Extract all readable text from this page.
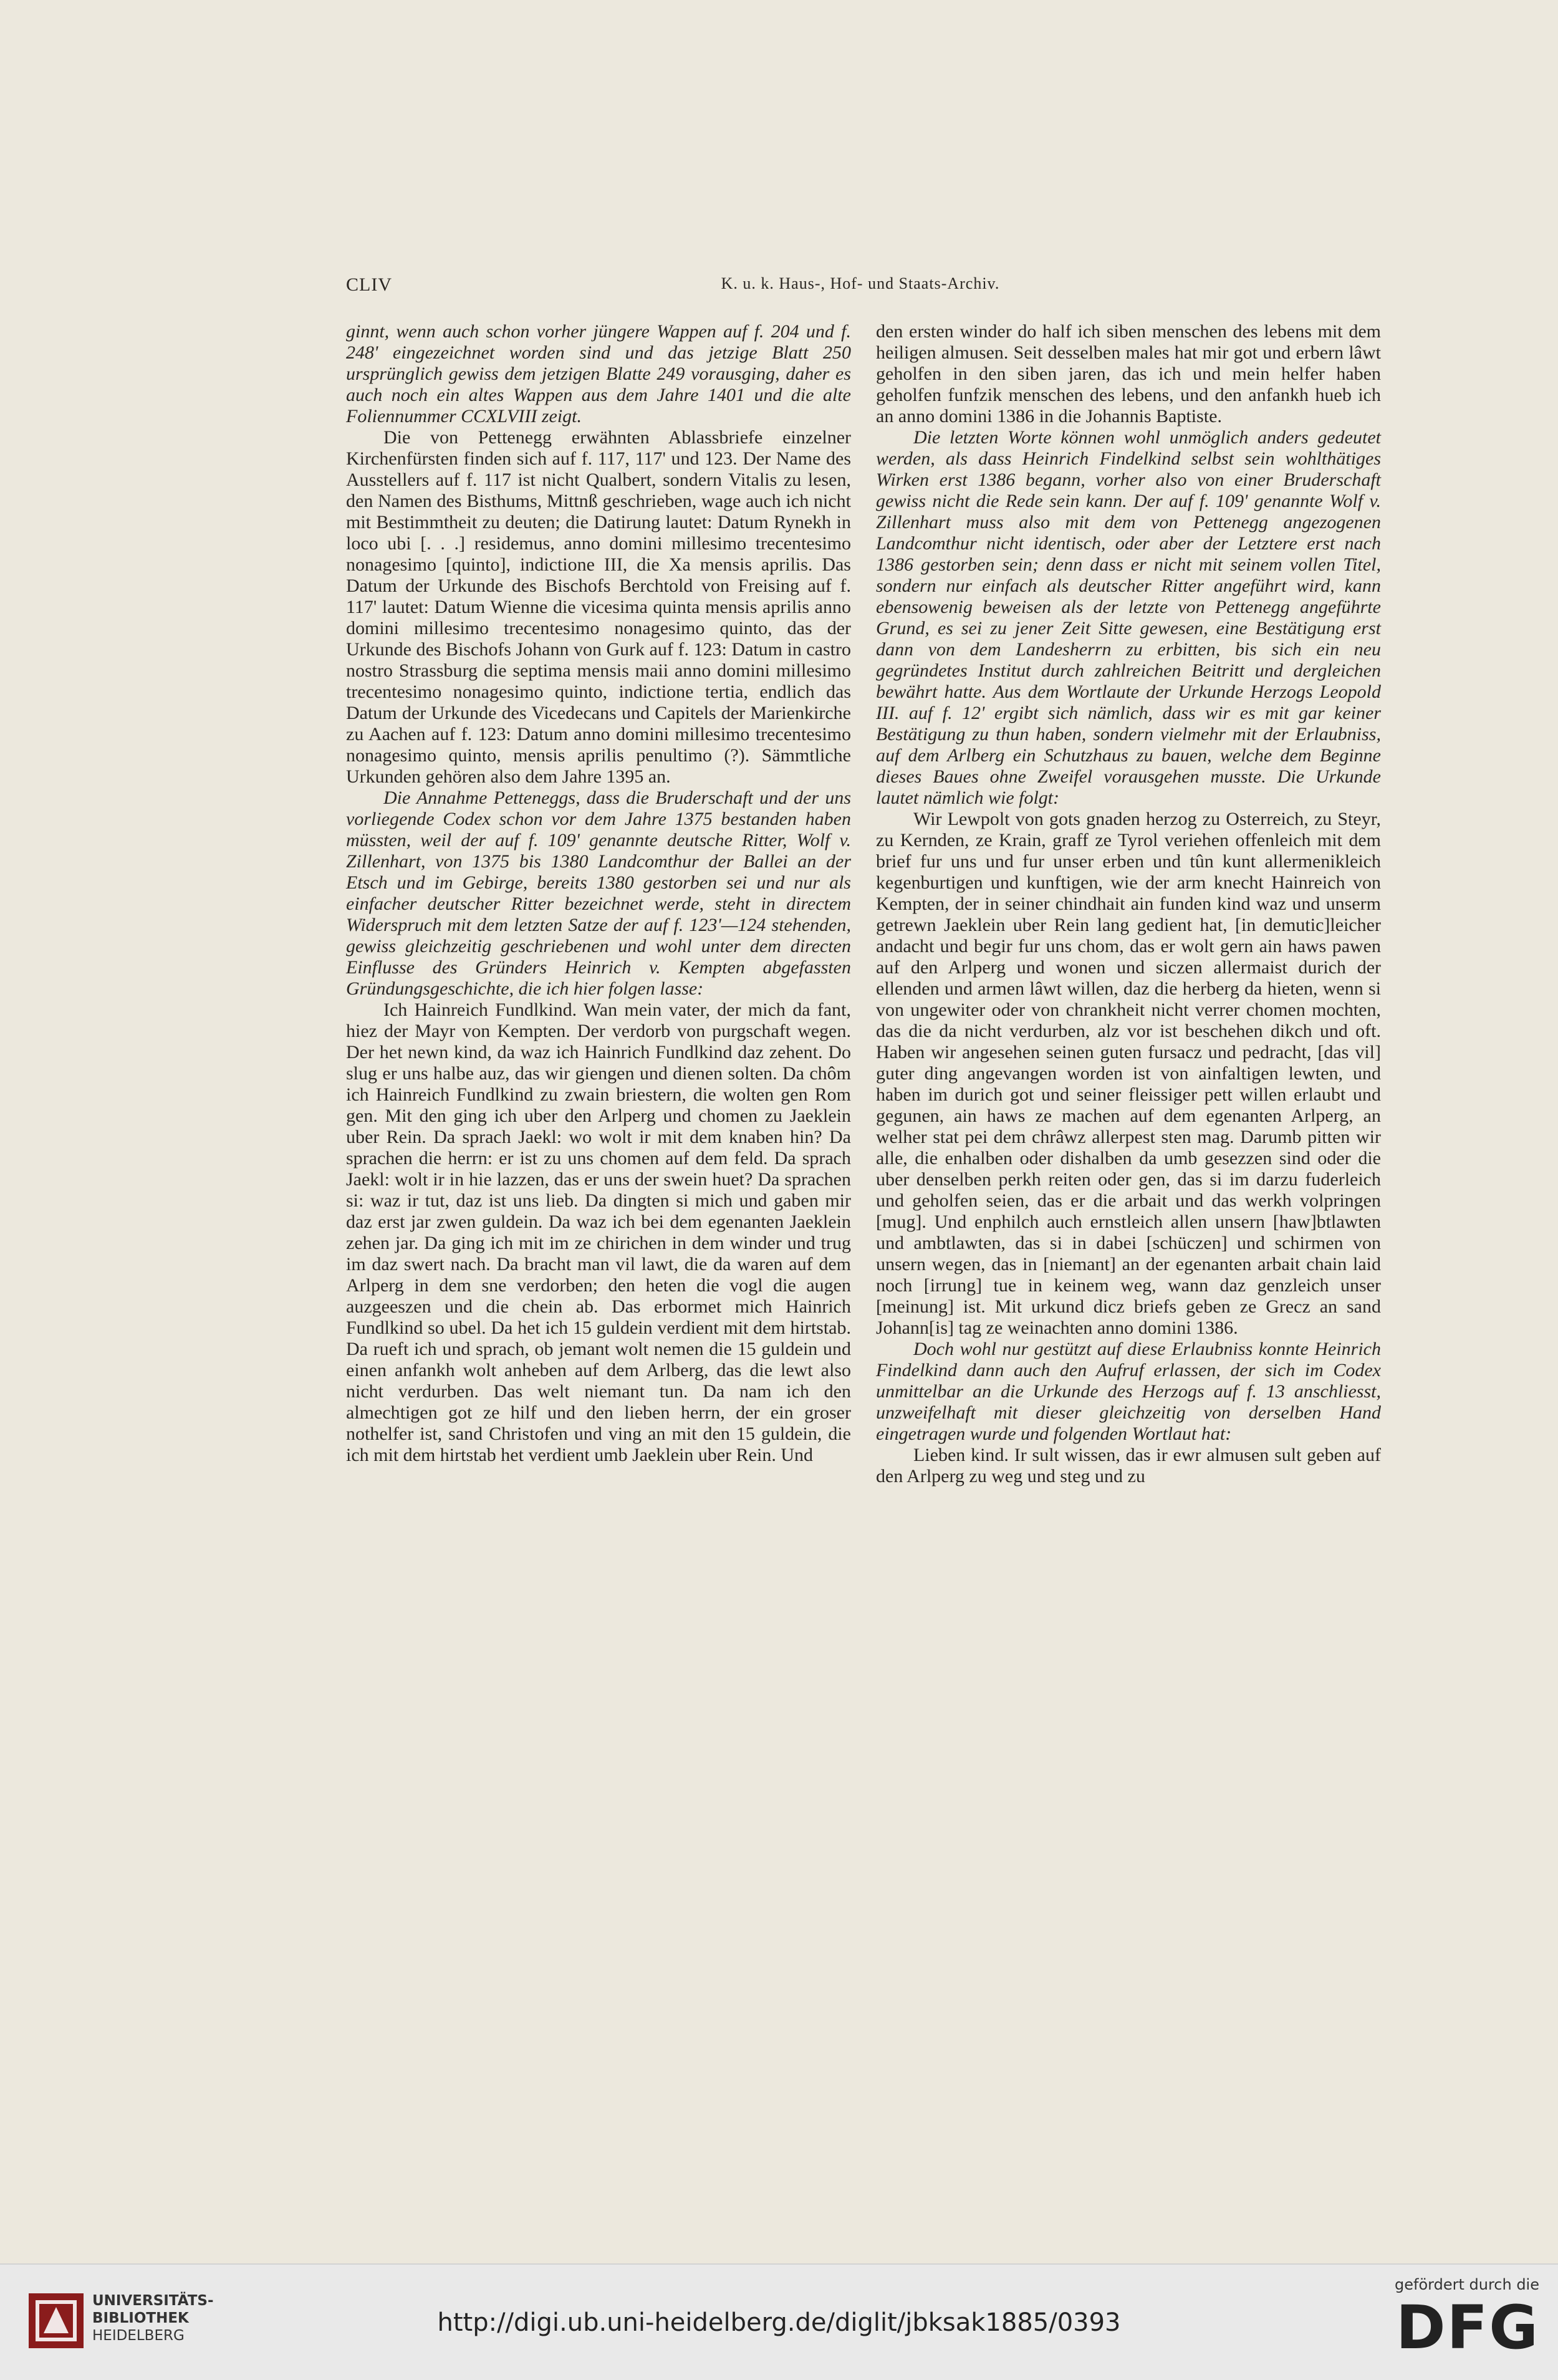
CLIV	K. u. k. Haus-, Hof- und Staats-Archiv.

ginnt, wenn auch schon vorher jüngere Wappen auf f. 204 und f. 248' eingezeichnet worden sind und das jetzige Blatt 250 ursprünglich gewiss dem jetzigen Blatte 249 vorausging, daher es auch noch ein altes Wappen aus dem Jahre 1401 und die alte Foliennummer CCXLVIII zeigt.

Die von Pettenegg erwähnten Ablassbriefe einzelner Kirchenfürsten finden sich auf f. 117, 117' und 123. Der Name des Ausstellers auf f. 117 ist nicht Qualbert, sondern Vitalis zu lesen, den Namen des Bisthums, Mittnß geschrieben, wage auch ich nicht mit Bestimmtheit zu deuten; die Datirung lautet: Datum Rynekh in loco ubi [. . .] residemus, anno domini millesimo trecentesimo nonagesimo [quinto], indictione III, die Xa mensis aprilis. Das Datum der Urkunde des Bischofs Berchtold von Freising auf f. 117' lautet: Datum Wienne die vicesima quinta mensis aprilis anno domini millesimo trecentesimo nonagesimo quinto, das der Urkunde des Bischofs Johann von Gurk auf f. 123: Datum in castro nostro Strassburg die septima mensis maii anno domini millesimo trecentesimo nonagesimo quinto, indictione tertia, endlich das Datum der Urkunde des Vicedecans und Capitels der Marienkirche zu Aachen auf f. 123: Datum anno domini millesimo trecentesimo nonagesimo quinto, mensis aprilis penultimo (?). Sämmtliche Urkunden gehören also dem Jahre 1395 an.

Die Annahme Petteneggs, dass die Bruderschaft und der uns vorliegende Codex schon vor dem Jahre 1375 bestanden haben müssten, weil der auf f. 109' genannte deutsche Ritter, Wolf v. Zillenhart, von 1375 bis 1380 Landcomthur der Ballei an der Etsch und im Gebirge, bereits 1380 gestorben sei und nur als einfacher deutscher Ritter bezeichnet werde, steht in directem Widerspruch mit dem letzten Satze der auf f. 123'—124 stehenden, gewiss gleichzeitig geschriebenen und wohl unter dem directen Einflusse des Gründers Heinrich v. Kempten abgefassten Gründungsgeschichte, die ich hier folgen lasse:

Ich Hainreich Fundlkind. Wan mein vater, der mich da fant, hiez der Mayr von Kempten. Der verdorb von purgschaft wegen. Der het newn kind, da waz ich Hainrich Fundlkind daz zehent. Do slug er uns halbe auz, das wir giengen und dienen solten. Da chôm ich Hainreich Fundlkind zu zwain briestern, die wolten gen Rom gen. Mit den ging ich uber den Arlperg und chomen zu Jaeklein uber Rein. Da sprach Jaekl: wo wolt ir mit dem knaben hin? Da sprachen die herrn: er ist zu uns chomen auf dem feld. Da sprach Jaekl: wolt ir in hie lazzen, das er uns der swein huet? Da sprachen si: waz ir tut, daz ist uns lieb. Da dingten si mich und gaben mir daz erst jar zwen guldein. Da waz ich bei dem egenanten Jaeklein zehen jar. Da ging ich mit im ze chirichen in dem winder und trug im daz swert nach. Da bracht man vil lawt, die da waren auf dem Arlperg in dem sne verdorben; den heten die vogl die augen auzgeeszen und die chein ab. Das erbormet mich Hainrich Fundlkind so ubel. Da het ich 15 guldein verdient mit dem hirtstab. Da rueft ich und sprach, ob jemant wolt nemen die 15 guldein und einen anfankh wolt anheben auf dem Arlberg, das die lewt also nicht verdurben. Das welt niemant tun. Da nam ich den almechtigen got ze hilf und den lieben herrn, der ein groser nothelfer ist, sand Christofen und ving an mit den 15 guldein, die ich mit dem hirtstab het verdient umb Jaeklein uber Rein. Und

den ersten winder do half ich siben menschen des lebens mit dem heiligen almusen. Seit desselben males hat mir got und erbern lâwt geholfen in den siben jaren, das ich und mein helfer haben geholfen funfzik menschen des lebens, und den anfankh hueb ich an anno domini 1386 in die Johannis Baptiste.

Die letzten Worte können wohl unmöglich anders gedeutet werden, als dass Heinrich Findelkind selbst sein wohlthätiges Wirken erst 1386 begann, vorher also von einer Bruderschaft gewiss nicht die Rede sein kann. Der auf f. 109' genannte Wolf v. Zillenhart muss also mit dem von Pettenegg angezogenen Landcomthur nicht identisch, oder aber der Letztere erst nach 1386 gestorben sein; denn dass er nicht mit seinem vollen Titel, sondern nur einfach als deutscher Ritter angeführt wird, kann ebensowenig beweisen als der letzte von Pettenegg angeführte Grund, es sei zu jener Zeit Sitte gewesen, eine Bestätigung erst dann von dem Landesherrn zu erbitten, bis sich ein neu gegründetes Institut durch zahlreichen Beitritt und dergleichen bewährt hatte. Aus dem Wortlaute der Urkunde Herzogs Leopold III. auf f. 12' ergibt sich nämlich, dass wir es mit gar keiner Bestätigung zu thun haben, sondern vielmehr mit der Erlaubniss, auf dem Arlberg ein Schutzhaus zu bauen, welche dem Beginne dieses Baues ohne Zweifel vorausgehen musste. Die Urkunde lautet nämlich wie folgt:

Wir Lewpolt von gots gnaden herzog zu Osterreich, zu Steyr, zu Kernden, ze Krain, graff ze Tyrol veriehen offenleich mit dem brief fur uns und fur unser erben und tûn kunt allermenikleich kegenburtigen und kunftigen, wie der arm knecht Hainreich von Kempten, der in seiner chindhait ain funden kind waz und unserm getrewn Jaeklein uber Rein lang gedient hat, [in demutic]leicher andacht und begir fur uns chom, das er wolt gern ain haws pawen auf den Arlperg und wonen und siczen allermaist durich der ellenden und armen lâwt willen, daz die herberg da hieten, wenn si von ungewiter oder von chrankheit nicht verrer chomen mochten, das die da nicht verdurben, alz vor ist beschehen dikch und oft. Haben wir angesehen seinen guten fursacz und pedracht, [das vil] guter ding angevangen worden ist von ainfaltigen lewten, und haben im durich got und seiner fleissiger pett willen erlaubt und gegunen, ain haws ze machen auf dem egenanten Arlperg, an welher stat pei dem chrâwz allerpest sten mag. Darumb pitten wir alle, die enhalben oder dishalben da umb gesezzen sind oder die uber denselben perkh reiten oder gen, das si im darzu fuderleich und geholfen seien, das er die arbait und das werkh volpringen [mug]. Und enphilch auch ernstleich allen unsern [haw]btlawten und ambtlawten, das si in dabei [schüczen] und schirmen von unsern wegen, das in [niemant] an der egenanten arbait chain laid noch [irrung] tue in keinem weg, wann daz genzleich unser [meinung] ist. Mit urkund dicz briefs geben ze Grecz an sand Johann[is] tag ze weinachten anno domini 1386.

Doch wohl nur gestützt auf diese Erlaubniss konnte Heinrich Findelkind dann auch den Aufruf erlassen, der sich im Codex unmittelbar an die Urkunde des Herzogs auf f. 13 anschliesst, unzweifelhaft mit dieser gleichzeitig von derselben Hand eingetragen wurde und folgenden Wortlaut hat:

Lieben kind. Ir sult wissen, das ir ewr almusen sult geben auf den Arlperg zu weg und steg und zu

UNIVERSITÄTS-
BIBLIOTHEK
HEIDELBERG	http://digi.ub.uni-heidelberg.de/diglit/jbksak1885/0393
gefördert durch die
DFG
